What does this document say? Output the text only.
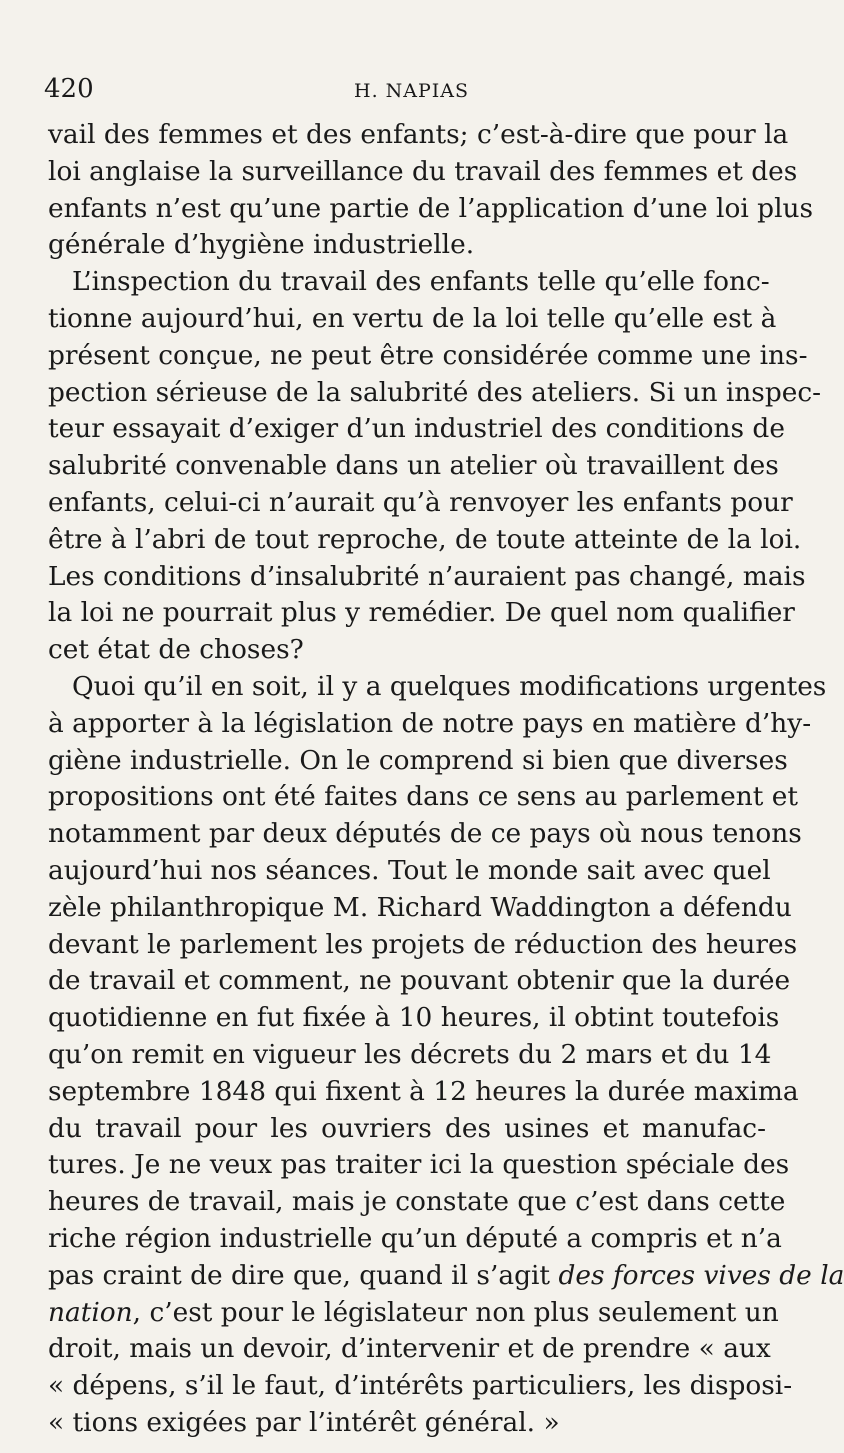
420	H. NAPIAS
vail des femmes et des enfants; c’est-à-dire que pour la
loi anglaise la surveillance du travail des femmes et des
enfants n’est qu’une partie de l’application d’une loi plus
générale d’hygiène industrielle.
L’inspection du travail des enfants telle qu’elle fonc-
tionne aujourd’hui, en vertu de la loi telle qu’elle est à
présent conçue, ne peut être considérée comme une ins-
pection sérieuse de la salubrité des ateliers. Si un inspec-
teur essayait d’exiger d’un industriel des conditions de
salubrité convenable dans un atelier où travaillent des
enfants, celui-ci n’aurait qu’à renvoyer les enfants pour
être à l’abri de tout reproche, de toute atteinte de la loi.
Les conditions d’insalubrité n’auraient pas changé, mais
la loi ne pourrait plus y remédier. De quel nom qualifier
cet état de choses?
Quoi qu’il en soit, il y a quelques modifications urgentes
à apporter à la législation de notre pays en matière d’hy-
giène industrielle. On le comprend si bien que diverses
propositions ont été faites dans ce sens au parlement et
notamment par deux députés de ce pays où nous tenons
aujourd’hui nos séances. Tout le monde sait avec quel
zèle philanthropique M. Richard Waddington a défendu
devant le parlement les projets de réduction des heures
de travail et comment, ne pouvant obtenir que la durée
quotidienne en fut fixée à 10 heures, il obtint toutefois
qu’on remit en vigueur les décrets du 2 mars et du 14
septembre 1848 qui fixent à 12 heures la durée maxima
du travail pour les ouvriers des usines et manufac-
tures. Je ne veux pas traiter ici la question spéciale des
heures de travail, mais je constate que c’est dans cette
riche région industrielle qu’un député a compris et n’a
pas craint de dire que, quand il s’agit des forces vives de la
nation, c’est pour le législateur non plus seulement un
droit, mais un devoir, d’intervenir et de prendre « aux
« dépens, s’il le faut, d’intérêts particuliers, les disposi-
« tions exigées par l’intérêt général. »
